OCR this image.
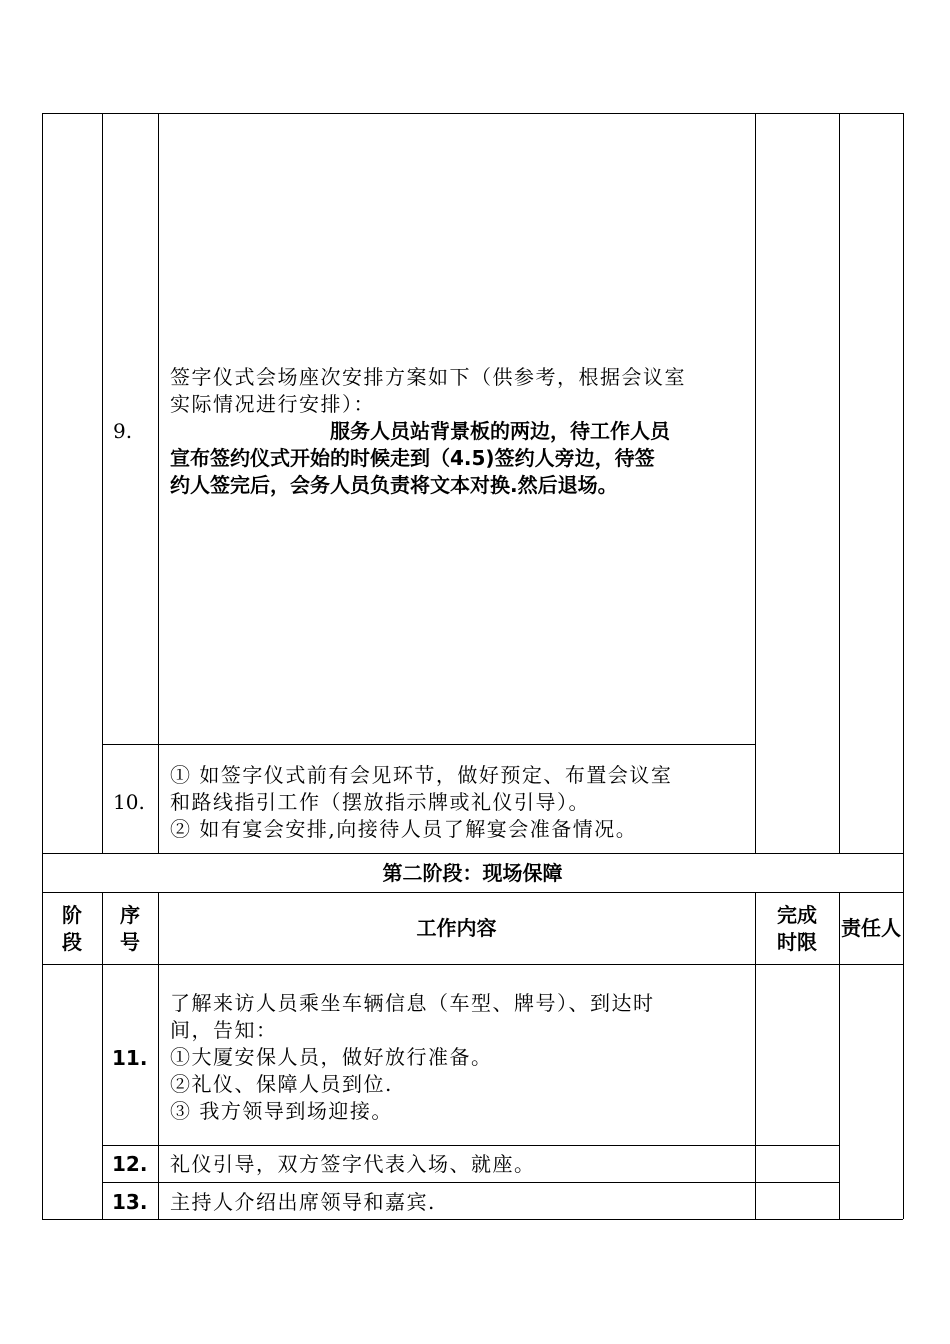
9.
签字仪式会场座次安排方案如下（供参考，根据会议室
实际情况进行安排）：
服务人员站背景板的两边，待工作人员
宣布签约仪式开始的时候走到（4.5)签约人旁边，待签
约人签完后，会务人员负责将文本对换.然后退场。
10.
① 如签字仪式前有会见环节，做好预定、布置会议室
和路线指引工作（摆放指示牌或礼仪引导）。
② 如有宴会安排,向接待人员了解宴会准备情况。
第二阶段：现场保障
阶
段
序
号
工作内容
完成
时限
责任人
11.
了解来访人员乘坐车辆信息（车型、牌号）、到达时
间，告知：
①大厦安保人员，做好放行准备。
②礼仪、保障人员到位.
③ 我方领导到场迎接。
12. 礼仪引导，双方签字代表入场、就座。
13. 主持人介绍出席领导和嘉宾.
